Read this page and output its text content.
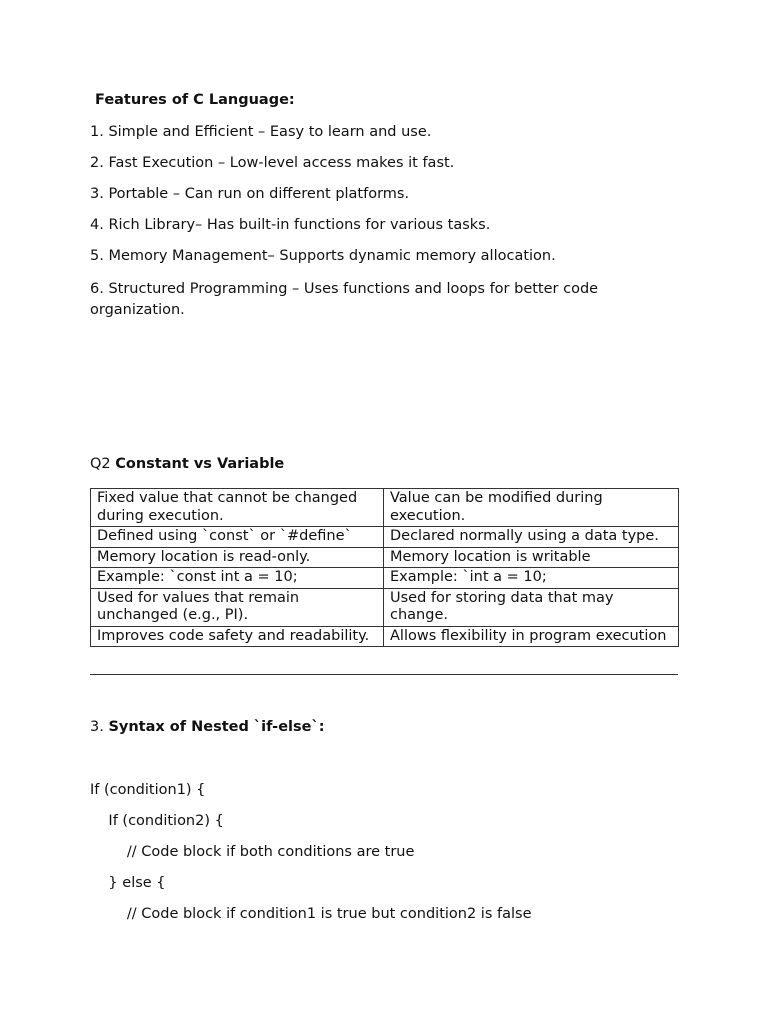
Features of C Language:
1. Simple and Efficient – Easy to learn and use.
2. Fast Execution – Low-level access makes it fast.
3. Portable – Can run on different platforms.
4. Rich Library– Has built-in functions for various tasks.
5. Memory Management– Supports dynamic memory allocation.
6. Structured Programming – Uses functions and loops for better code organization.
Q2 Constant vs Variable
Fixed value that cannot be changed during execution.	Value can be modified during execution.
Defined using `const` or `#define`	Declared normally using a data type.
Memory location is read-only.	Memory location is writable
Example: `const int a = 10;	Example: `int a = 10;
Used for values that remain unchanged (e.g., PI).	Used for storing data that may change.
Improves code safety and readability.	Allows flexibility in program execution
3. Syntax of Nested `if-else`:
If (condition1) {
If (condition2) {
// Code block if both conditions are true
} else {
// Code block if condition1 is true but condition2 is false
